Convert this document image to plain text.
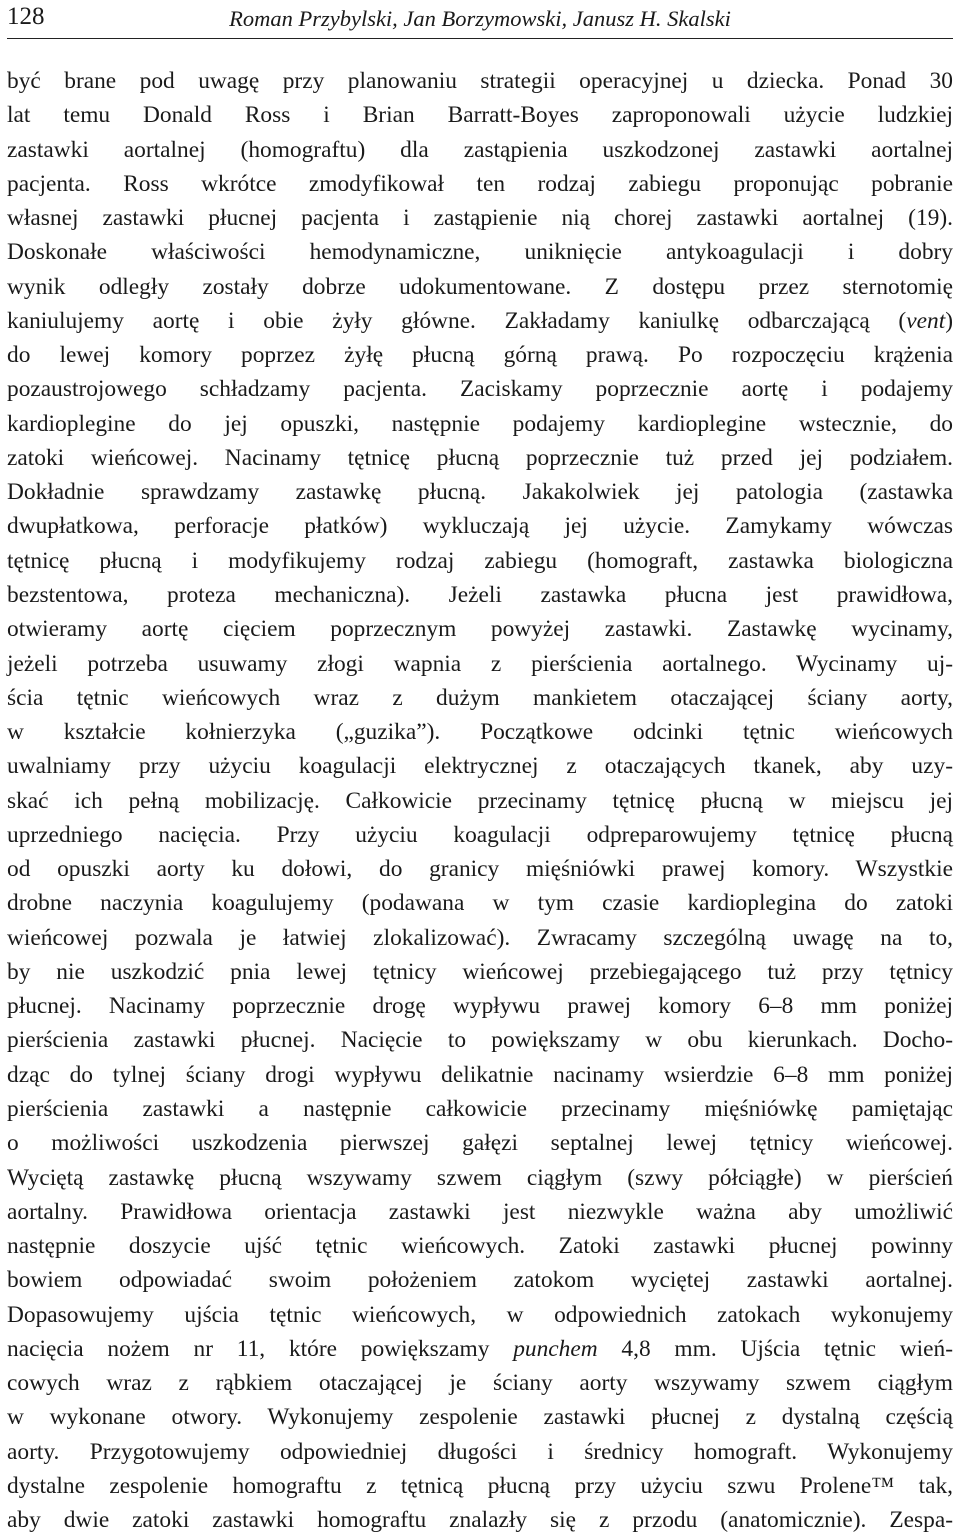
128	Roman Przybylski, Jan Borzymowski, Janusz H. Skalski
być brane pod uwagę przy planowaniu strategii operacyjnej u dziecka. Ponad 30
lat temu Donald Ross i Brian Barratt-Boyes zaproponowali użycie ludzkiej
zastawki aortalnej (homograftu) dla zastąpienia uszkodzonej zastawki aortalnej
pacjenta. Ross wkrótce zmodyfikował ten rodzaj zabiegu proponując pobranie
własnej zastawki płucnej pacjenta i zastąpienie nią chorej zastawki aortalnej (19).
Doskonałe właściwości hemodynamiczne, uniknięcie antykoagulacji i dobry
wynik odległy zostały dobrze udokumentowane. Z dostępu przez sternotomię
kaniulujemy aortę i obie żyły główne. Zakładamy kaniulkę odbarczającą (vent)
do lewej komory poprzez żyłę płucną górną prawą. Po rozpoczęciu krążenia
pozaustrojowego schładzamy pacjenta. Zaciskamy poprzecznie aortę i podajemy
kardioplegine do jej opuszki, następnie podajemy kardioplegine wstecznie, do
zatoki wieńcowej. Nacinamy tętnicę płucną poprzecznie tuż przed jej podziałem.
Dokładnie sprawdzamy zastawkę płucną. Jakakolwiek jej patologia (zastawka
dwupłatkowa, perforacje płatków) wykluczają jej użycie. Zamykamy wówczas
tętnicę płucną i modyfikujemy rodzaj zabiegu (homograft, zastawka biologiczna
bezstentowa, proteza mechaniczna). Jeżeli zastawka płucna jest prawidłowa,
otwieramy aortę cięciem poprzecznym powyżej zastawki. Zastawkę wycinamy,
jeżeli potrzeba usuwamy złogi wapnia z pierścienia aortalnego. Wycinamy uj-
ścia tętnic wieńcowych wraz z dużym mankietem otaczającej ściany aorty,
w kształcie kołnierzyka („guzika”). Początkowe odcinki tętnic wieńcowych
uwalniamy przy użyciu koagulacji elektrycznej z otaczających tkanek, aby uzy-
skać ich pełną mobilizację. Całkowicie przecinamy tętnicę płucną w miejscu jej
uprzedniego nacięcia. Przy użyciu koagulacji odpreparowujemy tętnicę płucną
od opuszki aorty ku dołowi, do granicy mięśniówki prawej komory. Wszystkie
drobne naczynia koagulujemy (podawana w tym czasie kardioplegina do zatoki
wieńcowej pozwala je łatwiej zlokalizować). Zwracamy szczególną uwagę na to,
by nie uszkodzić pnia lewej tętnicy wieńcowej przebiegającego tuż przy tętnicy
płucnej. Nacinamy poprzecznie drogę wypływu prawej komory 6–8 mm poniżej
pierścienia zastawki płucnej. Nacięcie to powiększamy w obu kierunkach. Docho-
dząc do tylnej ściany drogi wypływu delikatnie nacinamy wsierdzie 6–8 mm poniżej
pierścienia zastawki a następnie całkowicie przecinamy mięśniówkę pamiętając
o możliwości uszkodzenia pierwszej gałęzi septalnej lewej tętnicy wieńcowej.
Wyciętą zastawkę płucną wszywamy szwem ciągłym (szwy półciągłe) w pierścień
aortalny. Prawidłowa orientacja zastawki jest niezwykle ważna aby umożliwić
następnie doszycie ujść tętnic wieńcowych. Zatoki zastawki płucnej powinny
bowiem odpowiadać swoim położeniem zatokom wyciętej zastawki aortalnej.
Dopasowujemy ujścia tętnic wieńcowych, w odpowiednich zatokach wykonujemy
nacięcia nożem nr 11, które powiększamy punchem 4,8 mm. Ujścia tętnic wień-
cowych wraz z rąbkiem otaczającej je ściany aorty wszywamy szwem ciągłym
w wykonane otwory. Wykonujemy zespolenie zastawki płucnej z dystalną częścią
aorty. Przygotowujemy odpowiedniej długości i średnicy homograft. Wykonujemy
dystalne zespolenie homograftu z tętnicą płucną przy użyciu szwu Prolene™ tak,
aby dwie zatoki zastawki homograftu znalazły się z przodu (anatomicznie). Zespa-
